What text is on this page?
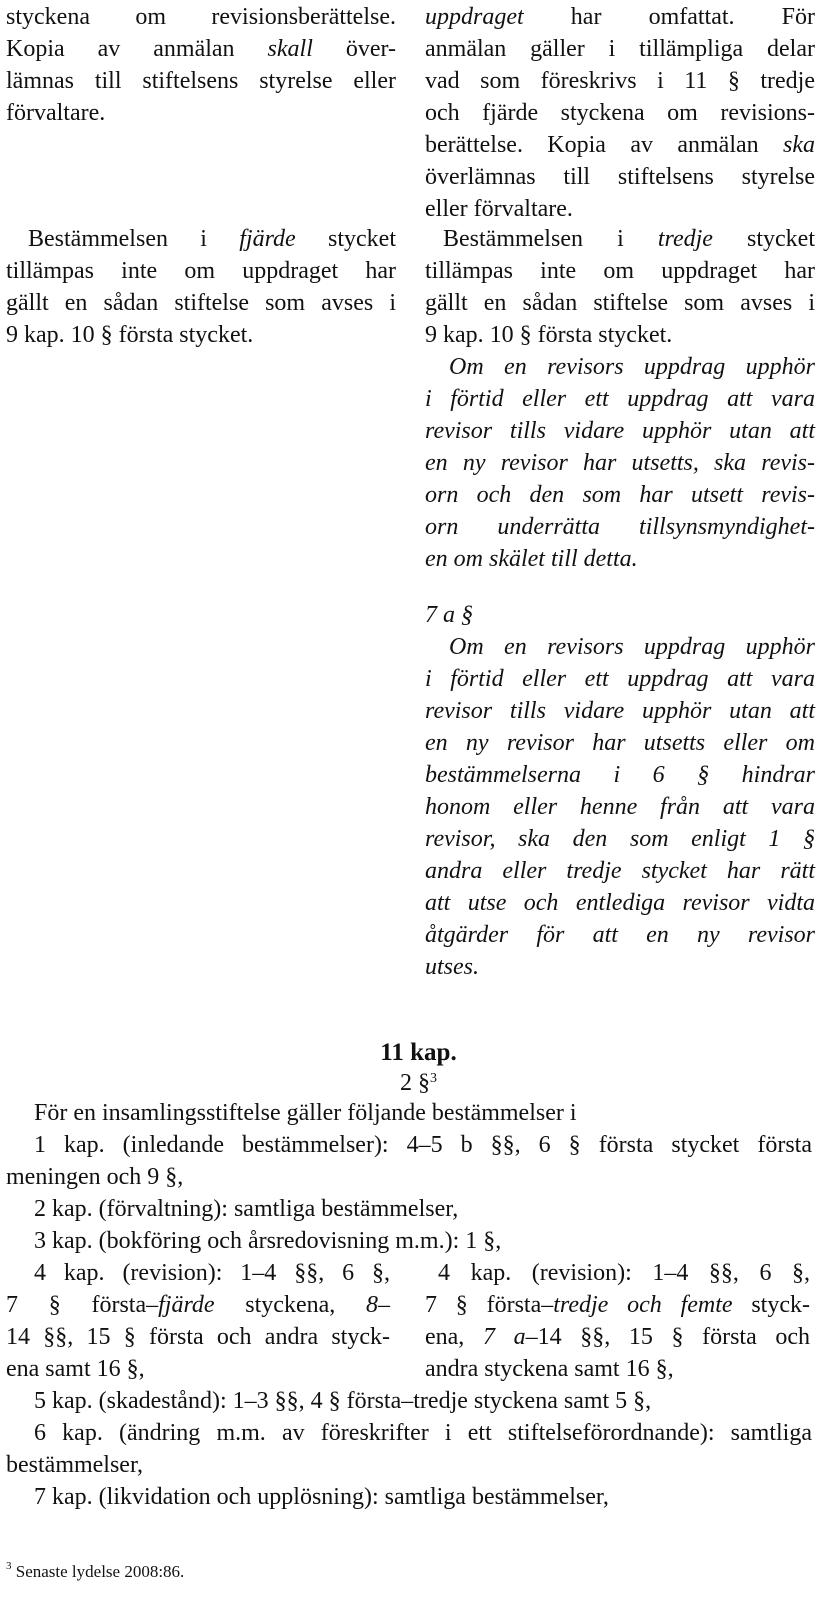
styckena om revisionsberättelse.
Kopia av anmälan skall över-
lämnas till stiftelsens styrelse eller
förvaltare.
Bestämmelsen i fjärde stycket
tillämpas inte om uppdraget har
gällt en sådan stiftelse som avses i
9 kap. 10 § första stycket.
uppdraget har omfattat. För
anmälan gäller i tillämpliga delar
vad som föreskrivs i 11 § tredje
och fjärde styckena om revisions-
berättelse. Kopia av anmälan ska
överlämnas till stiftelsens styrelse
eller förvaltare.
Bestämmelsen i tredje stycket
tillämpas inte om uppdraget har
gällt en sådan stiftelse som avses i
9 kap. 10 § första stycket.
Om en revisors uppdrag upphör
i förtid eller ett uppdrag att vara
revisor tills vidare upphör utan att
en ny revisor har utsetts, ska revis-
orn och den som har utsett revis-
orn underrätta tillsynsmyndighet-
en om skälet till detta.
7 a §
Om en revisors uppdrag upphör
i förtid eller ett uppdrag att vara
revisor tills vidare upphör utan att
en ny revisor har utsetts eller om
bestämmelserna i 6 § hindrar
honom eller henne från att vara
revisor, ska den som enligt 1 §
andra eller tredje stycket har rätt
att utse och entlediga revisor vidta
åtgärder för att en ny revisor
utses.
11 kap.
2 §$^3$
För en insamlingsstiftelse gäller följande bestämmelser i
1 kap. (inledande bestämmelser): 4–5 b §§, 6 § första stycket första
meningen och 9 §,
2 kap. (förvaltning): samtliga bestämmelser,
3 kap. (bokföring och årsredovisning m.m.): 1 §,
4 kap. (revision): 1–4 §§, 6 §,
7 § första–fjärde styckena, 8–
14 §§, 15 § första och andra styck-
ena samt 16 §,
4 kap. (revision): 1–4 §§, 6 §,
7 § första–tredje och femte styck-
ena, 7 a–14 §§, 15 § första och
andra styckena samt 16 §,
5 kap. (skadestånd): 1–3 §§, 4 § första–tredje styckena samt 5 §,
6 kap. (ändring m.m. av föreskrifter i ett stiftelseförordnande): samtliga
bestämmelser,
7 kap. (likvidation och upplösning): samtliga bestämmelser,
$^3$ Senaste lydelse 2008:86.
